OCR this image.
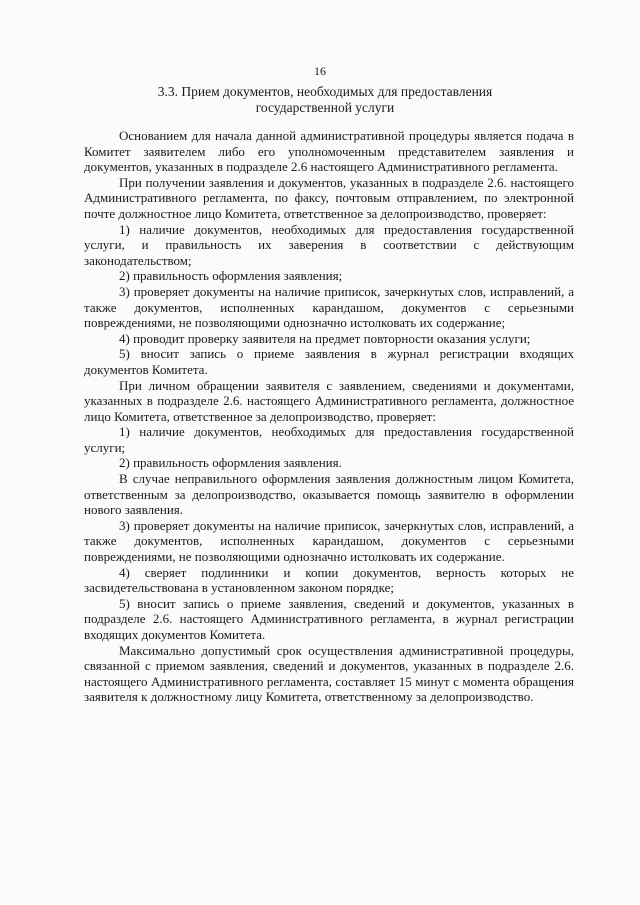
16
3.3. Прием документов, необходимых для предоставления
государственной услуги

Основанием для начала данной административной процедуры является подача в Комитет заявителем либо его уполномоченным представителем заявления и документов, указанных в подразделе 2.6 настоящего Административного регламента.

При получении заявления и документов, указанных в подразделе 2.6. настоящего Административного регламента, по факсу, почтовым отправлением, по электронной почте должностное лицо Комитета, ответственное за делопроизводство, проверяет:

1) наличие документов, необходимых для предоставления государственной услуги, и правильность их заверения в соответствии с действующим законодательством;

2) правильность оформления заявления;

3) проверяет документы на наличие приписок, зачеркнутых слов, исправлений, а также документов, исполненных карандашом, документов с серьезными повреждениями, не позволяющими однозначно истолковать их содержание;

4) проводит проверку заявителя на предмет повторности оказания услуги;

5) вносит запись о приеме заявления в журнал регистрации входящих документов Комитета.

При личном обращении заявителя с заявлением, сведениями и документами, указанных в подразделе 2.6. настоящего Административного регламента, должностное лицо Комитета, ответственное за делопроизводство, проверяет:

1) наличие документов, необходимых для предоставления государственной услуги;

2) правильность оформления заявления.

В случае неправильного оформления заявления должностным лицом Комитета, ответственным за делопроизводство, оказывается помощь заявителю в оформлении нового заявления.

3) проверяет документы на наличие приписок, зачеркнутых слов, исправлений, а также документов, исполненных карандашом, документов с серьезными повреждениями, не позволяющими однозначно истолковать их содержание.

4) сверяет подлинники и копии документов, верность которых не засвидетельствована в установленном законом порядке;

5) вносит запись о приеме заявления, сведений и документов, указанных в подразделе 2.6. настоящего Административного регламента, в журнал регистрации входящих документов Комитета.

Максимально допустимый срок осуществления административной процедуры, связанной с приемом заявления, сведений и документов, указанных в подразделе 2.6. настоящего Административного регламента, составляет 15 минут с момента обращения заявителя к должностному лицу Комитета, ответственному за делопроизводство.
